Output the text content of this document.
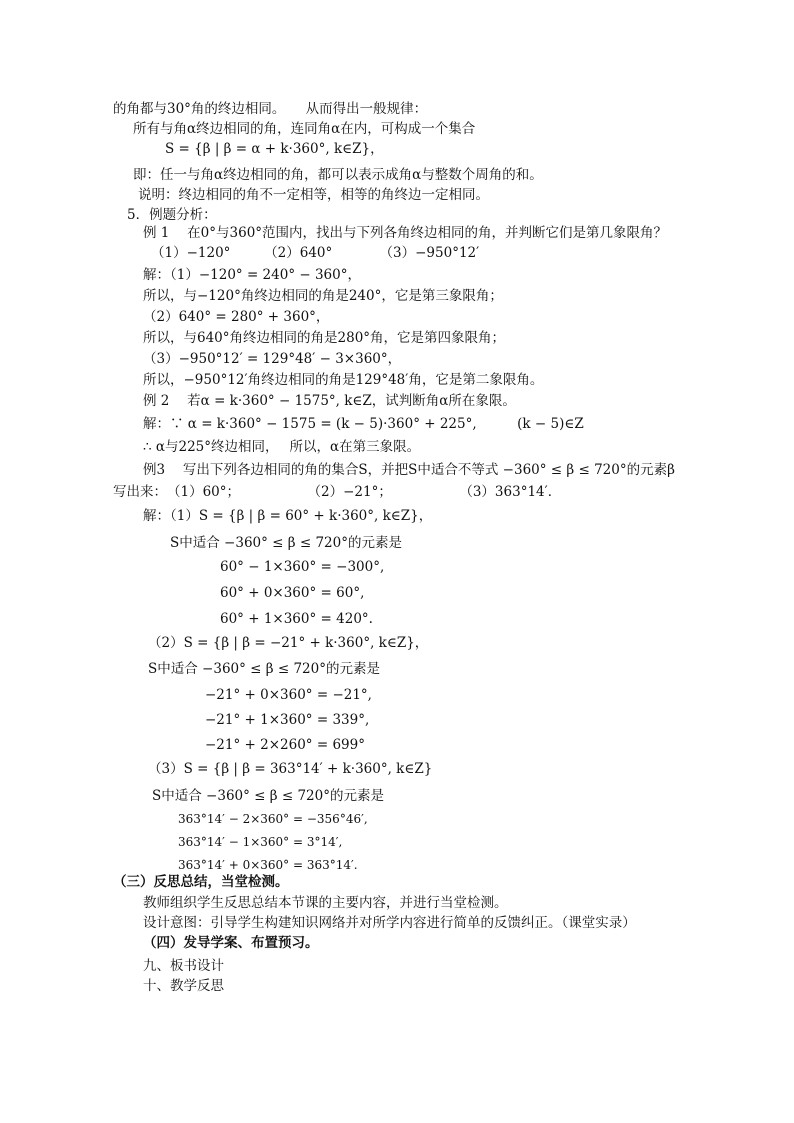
的角都与30°角的终边相同。　　从而得出一般规律：
所有与角α终边相同的角，连同角α在内，可构成一个集合
S = {β | β = α + k·360°, k∈Z}，
即：任一与角α终边相同的角，都可以表示成角α与整数个周角的和。
说明：终边相同的角不一定相等，相等的角终边一定相同。
5．例题分析：
例 1　 在0°与360°范围内，找出与下列各角终边相同的角，并判断它们是第几象限角？
（1）−120°　　　（2）640°　　　　（3）−950°12′
解：（1）−120° = 240° − 360°，
所以，与−120°角终边相同的角是240°，它是第三象限角；
（2）640° = 280° + 360°，
所以，与640°角终边相同的角是280°角，它是第四象限角；
（3）−950°12′ = 129°48′ − 3×360°，
所以，−950°12′角终边相同的角是129°48′角，它是第二象限角。
例 2　 若α = k·360° − 1575°, k∈Z，试判断角α所在象限。
解：∵ α = k·360° − 1575 = (k − 5)·360° + 225°,　　　(k − 5)∈Z
∴ α与225°终边相同，　 所以，α在第三象限。
例3　 写出下列各边相同的角的集合S，并把S中适合不等式 −360° ≤ β ≤ 720°的元素β
写出来：　（1）60°；　　　　　　（2）−21°；　　　　　　（3）363°14′．
解：（1）S = {β | β = 60° + k·360°, k∈Z}，
S中适合 −360° ≤ β ≤ 720°的元素是
60° − 1×360° = −300°,
60° + 0×360° = 60°,
60° + 1×360° = 420°.
（2）S = {β | β = −21° + k·360°, k∈Z}，
S中适合 −360° ≤ β ≤ 720°的元素是
−21° + 0×360° = −21°,
−21° + 1×360° = 339°,
−21° + 2×260° = 699°
（3）S = {β | β = 363°14′ + k·360°, k∈Z}
S中适合 −360° ≤ β ≤ 720°的元素是
363°14′ − 2×360° = −356°46′,
363°14′ − 1×360° = 3°14′,
363°14′ + 0×360° = 363°14′.
（三）反思总结，当堂检测。
教师组织学生反思总结本节课的主要内容，并进行当堂检测。
设计意图：引导学生构建知识网络并对所学内容进行简单的反馈纠正。（课堂实录）
（四）发导学案、布置预习。
九、板书设计
十、教学反思
